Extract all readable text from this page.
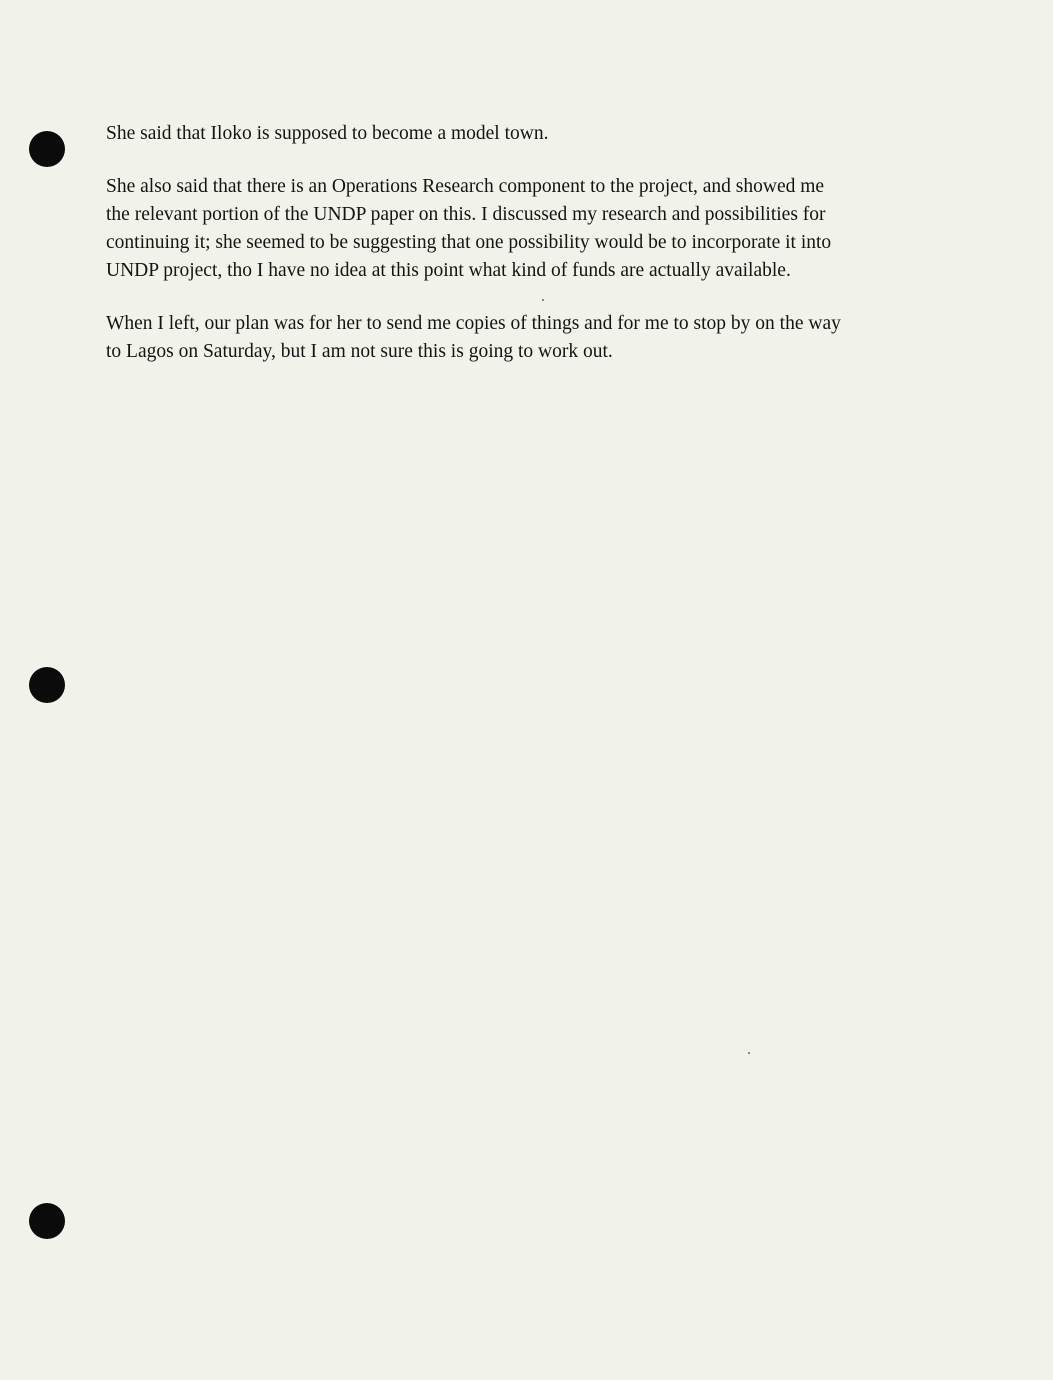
She said that Iloko is supposed to become a model town.

She also said that there is an Operations Research component to the project, and showed me
the relevant portion of the UNDP paper on this. I discussed my research and possibilities for
continuing it; she seemed to be suggesting that one possibility would be to incorporate it into
UNDP project, tho I have no idea at this point what kind of funds are actually available.

When I left, our plan was for her to send me copies of things and for me to stop by on the way
to Lagos on Saturday, but I am not sure this is going to work out.
